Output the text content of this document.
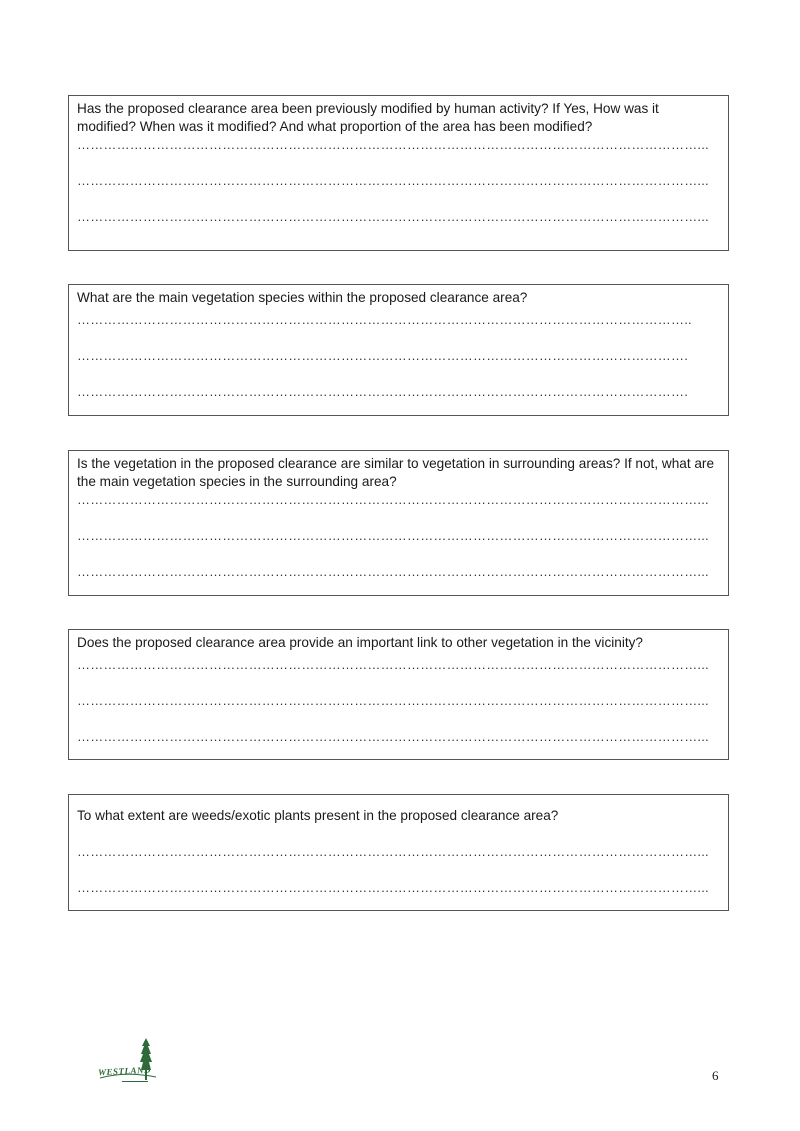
Has the proposed clearance area been previously modified by human activity? If Yes, How was it modified? When was it modified? And what proportion of the area has been modified?

……………………………………………………………………………………………………………………………...
……………………………………………………………………………………………………………………………...
……………………………………………………………………………………………………………………………...

What are the main vegetation species within the proposed clearance area?

…………………………………………………………………………………………………………………………..
………………………………………………………………………………………………………………………….
………………………………………………………………………………………………………………………….

Is the vegetation in the proposed clearance are similar to vegetation in surrounding areas? If not, what are the main vegetation species in the surrounding area?

……………………………………………………………………………………………………………………………...
……………………………………………………………………………………………………………………………...
……………………………………………………………………………………………………………………………...

Does the proposed clearance area provide an important link to other vegetation in the vicinity?

……………………………………………………………………………………………………………………………...
……………………………………………………………………………………………………………………………...
……………………………………………………………………………………………………………………………...

To what extent are weeds/exotic plants present in the proposed clearance area?

……………………………………………………………………………………………………………………………...
……………………………………………………………………………………………………………………………...
WESTLAND	6
